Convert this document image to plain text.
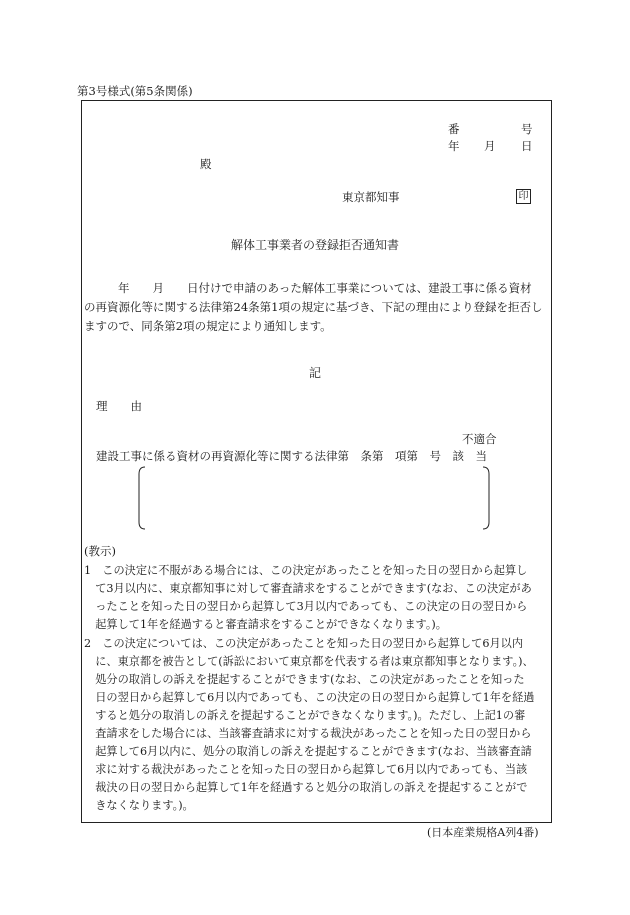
第3号様式(第5条関係)
番	号
年 月 日
殿
東京都知事	印
解体工事業者の登録拒否通知書
年　　月　　日付けで申請のあった解体工事業については、建設工事に係る資材
の再資源化等に関する法律第24条第1項の規定に基づき、下記の理由により登録を拒否し
ますので、同条第2項の規定により通知します。
記
理　　由
不適合
建設工事に係る資材の再資源化等に関する法律第　条第　項第　号　該　当
(教示)
1　この決定に不服がある場合には、この決定があったことを知った日の翌日から起算し
　て3月以内に、東京都知事に対して審査請求をすることができます(なお、この決定があ
　ったことを知った日の翌日から起算して3月以内であっても、この決定の日の翌日から
　起算して1年を経過すると審査請求をすることができなくなります。)。
2　この決定については、この決定があったことを知った日の翌日から起算して6月以内
　に、東京都を被告として(訴訟において東京都を代表する者は東京都知事となります。)、
　処分の取消しの訴えを提起することができます(なお、この決定があったことを知った
　日の翌日から起算して6月以内であっても、この決定の日の翌日から起算して1年を経過
　すると処分の取消しの訴えを提起することができなくなります。)。ただし、上記1の審
　査請求をした場合には、当該審査請求に対する裁決があったことを知った日の翌日から
　起算して6月以内に、処分の取消しの訴えを提起することができます(なお、当該審査請
　求に対する裁決があったことを知った日の翌日から起算して6月以内であっても、当該
　裁決の日の翌日から起算して1年を経過すると処分の取消しの訴えを提起することがで
　きなくなります。)。
(日本産業規格A列4番)
